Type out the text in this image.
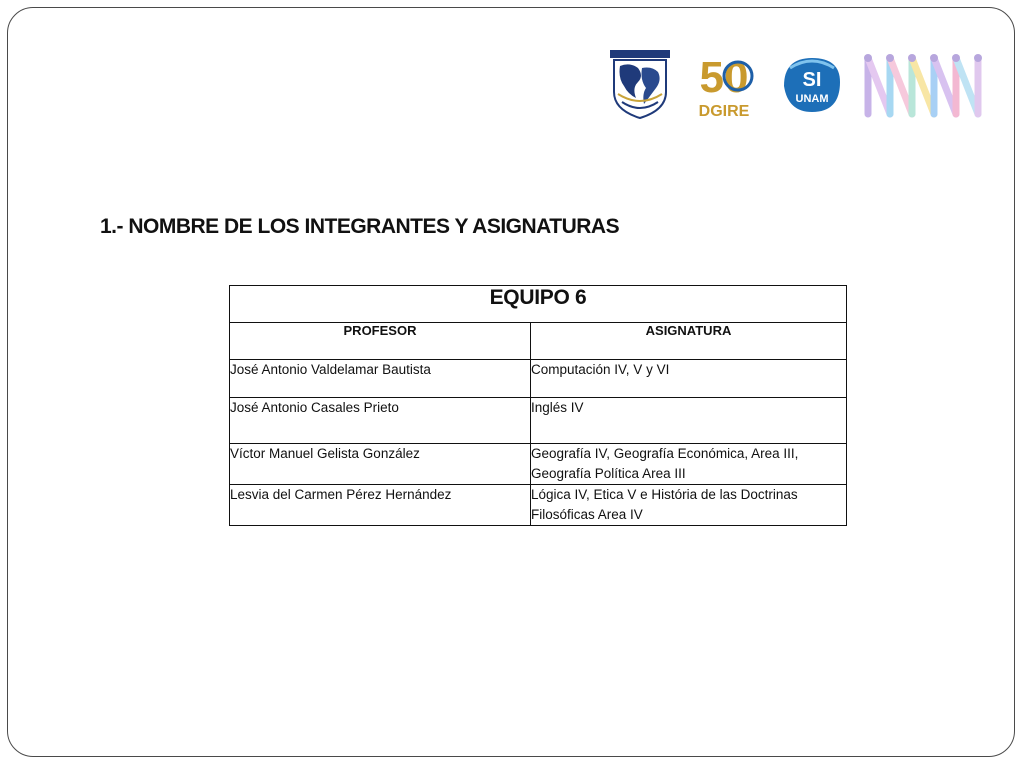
50
DGIRE
SI
UNAM
1.- NOMBRE DE LOS INTEGRANTES Y ASIGNATURAS
EQUIPO 6	
PROFESOR	ASIGNATURA
José Antonio Valdelamar Bautista	Computación IV, V y VI
José Antonio Casales Prieto	Inglés IV
Víctor Manuel Gelista González	Geografía IV, Geografía Económica, Area III, Geografía Política Area III
Lesvia del Carmen Pérez Hernández	Lógica IV, Etica V e História de las Doctrinas Filosóficas Area IV
